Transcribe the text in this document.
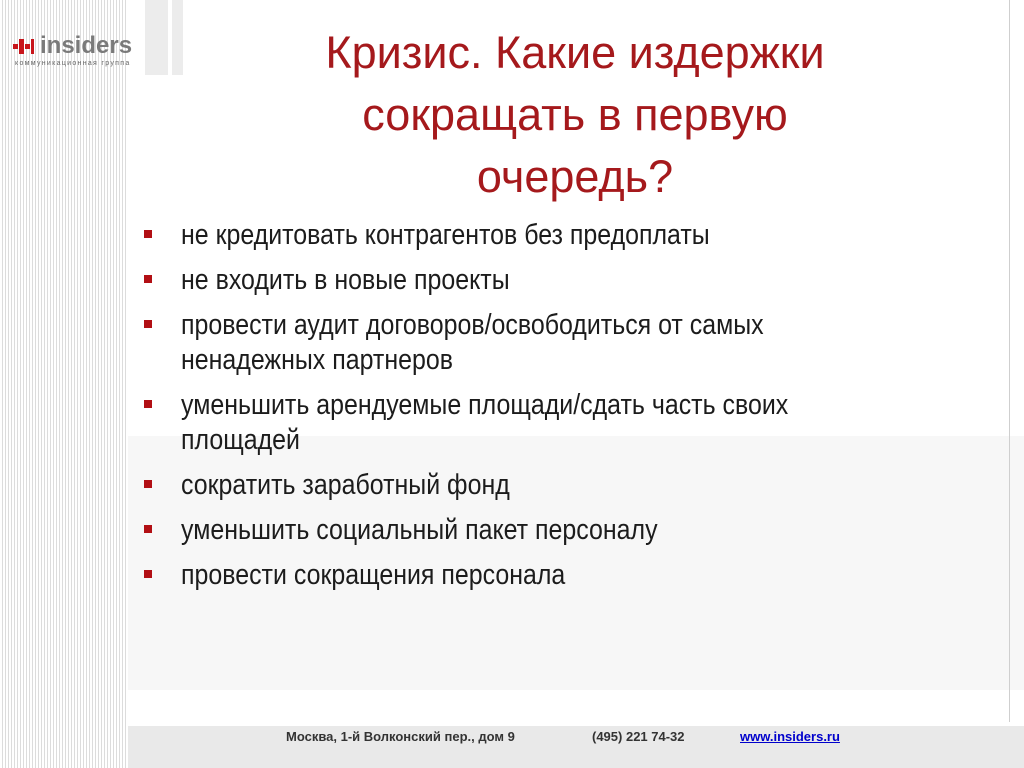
insiders
коммуникационная группа	Кризис. Какие издержки
сокращать в первую
очередь?
не кредитовать контрагентов без предоплаты
не входить в новые проекты
провести аудит договоров/освободиться от самых
ненадежных партнеров
уменьшить арендуемые площади/сдать часть своих
площадей
сократить заработный фонд
уменьшить социальный пакет персоналу
провести сокращения персонала
Москва, 1-й Волконский пер., дом 9	(495) 221 74-32	www.insiders.ru
